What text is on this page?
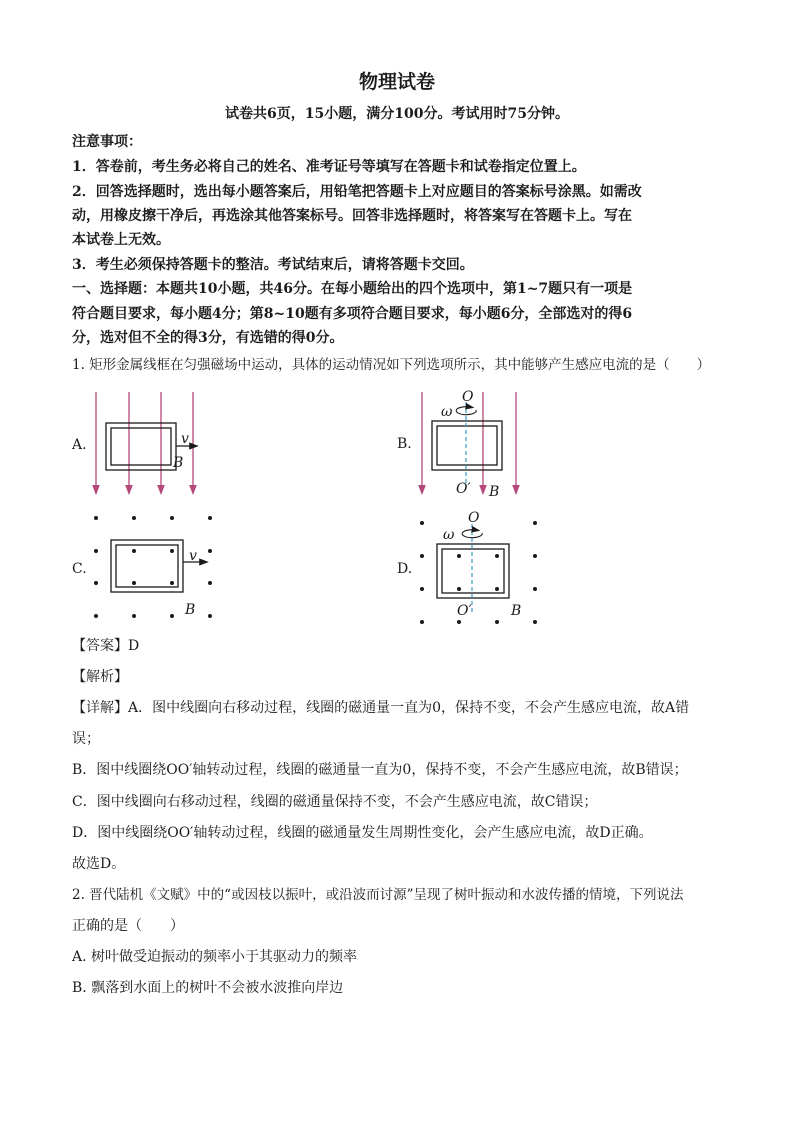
物理试卷
试卷共6页，15小题，满分100分。考试用时75分钟。
注意事项：
1．答卷前，考生务必将自己的姓名、准考证号等填写在答题卡和试卷指定位置上。
2．回答选择题时，选出每小题答案后，用铅笔把答题卡上对应题目的答案标号涂黑。如需改
动，用橡皮擦干净后，再选涂其他答案标号。回答非选择题时，将答案写在答题卡上。写在
本试卷上无效。
3．考生必须保持答题卡的整洁。考试结束后，请将答题卡交回。
一、选择题：本题共10小题，共46分。在每小题给出的四个选项中，第1~7题只有一项是
符合题目要求，每小题4分；第8~10题有多项符合题目要求，每小题6分，全部选对的得6
分，选对但不全的得3分，有选错的得0分。
1. 矩形金属线框在匀强磁场中运动，具体的运动情况如下列选项所示，其中能够产生感应电流的是（　　）
A.	v
B
B.
ω
O
O′ B
C.
v
B
D.
ω
O
O′	B
【答案】D
【解析】
【详解】A．图中线圈向右移动过程，线圈的磁通量一直为0，保持不变，不会产生感应电流，故A错
误；
B．图中线圈绕OO′轴转动过程，线圈的磁通量一直为0，保持不变，不会产生感应电流，故B错误；
C．图中线圈向右移动过程，线圈的磁通量保持不变，不会产生感应电流，故C错误；
D．图中线圈绕OO′轴转动过程，线圈的磁通量发生周期性变化，会产生感应电流，故D正确。
故选D。
2. 晋代陆机《文赋》中的“或因枝以振叶，或沿波而讨源”呈现了树叶振动和水波传播的情境，下列说法
正确的是（　　）
A. 树叶做受迫振动的频率小于其驱动力的频率
B. 飘落到水面上的树叶不会被水波推向岸边
